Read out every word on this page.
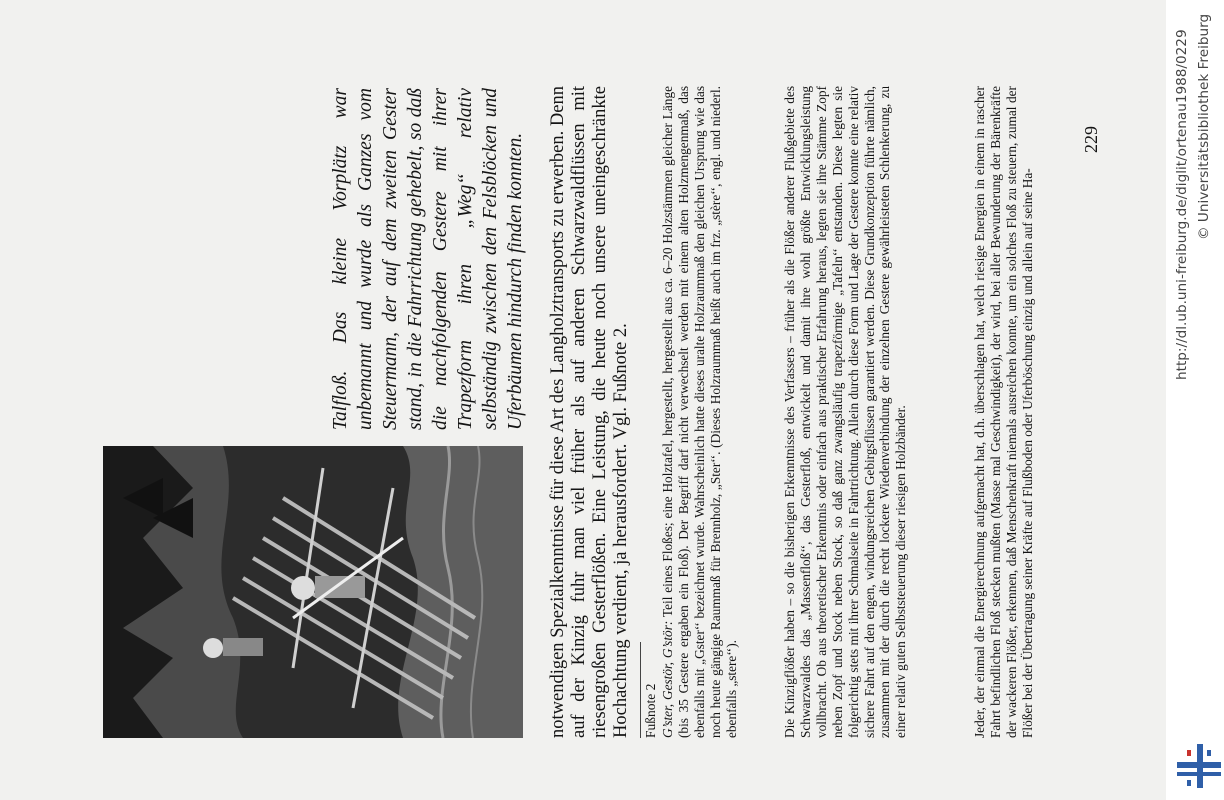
Talfloß. Das kleine Vorplätz war unbemannt und wurde als Ganzes vom Steuermann, der auf dem zweiten Gester stand, in die Fahrrichtung gehebelt, so daß die nachfolgenden Gestere mit ihrer Trapezform ihren „Weg‘‘ relativ selbständig zwischen den Felsblöcken und Uferbäumen hindurch finden konnten. notwendigen Spezialkenntnisse für diese Art des Langholztransports zu erwerben. Denn auf der Kinzig fuhr man viel früher als auf anderen Schwarzwaldflüssen mit riesengroßen Gesterflößen. Eine Leistung, die heute noch unsere uneingeschränkte Hochachtung verdient, ja herausfordert. Vgl. Fußnote 2. Fußnote 2 G’ster, Gestör, G’stör: Teil eines Floßes; eine Holztafel, hergestellt, hergestellt aus ca. 6–20 Holzstämmen gleicher Länge (bis 35 Gestere ergaben ein Floß). Der Begriff darf nicht verwechselt werden mit einem alten Holzmengenmaß, das ebenfalls mit „Gster‘‘ bezeichnet wurde. Wahrscheinlich hatte dieses uralte Holzraummaß den gleichen Ursprung wie das noch heute gängige Raummaß für Brennholz, „Ster‘‘. (Dieses Holzraummaß heißt auch im frz. „stère‘‘, engl. und niederl. ebenfalls „stere‘‘).	Die Kinzigflößer haben – so die bisherigen Erkenntnisse des Verfassers – früher als die Flößer anderer Flußgebiete des Schwarzwaldes das „Massenfloß‘‘, das Gesterfloß, entwickelt und damit ihre wohl größte Entwicklungsleistung vollbracht. Ob aus theoretischer Erkenntnis oder einfach aus praktischer Erfahrung heraus, legten sie ihre Stämme Zopf neben Zopf und Stock neben Stock, so daß ganz zwangsläufig trapezförmige „Tafeln‘‘ entstanden. Diese legten sie folgerichtig stets mit ihrer Schmalseite in Fahrtrichtung. Allein durch diese Form und Lage der Gestere konnte eine relativ sichere Fahrt auf den engen, windungsreichen Gebirgsflüssen garantiert werden. Diese Grundkonzeption führte nämlich, zusammen mit der durch die recht lockere Wiedenverbindung der einzelnen Gestere gewährleisteten Schlenkerung, zu einer relativ guten Selbststeuerung dieser riesigen Holzbänder.	Jeder, der einmal die Energierechnung aufgemacht hat, d.h. überschlagen hat, welch riesige Energien in einem in rascher Fahrt befindlichen Floß stecken mußten (Masse mal Geschwindigkeit), der wird, bei aller Bewunderung der Bärenkräfte der wackeren Flößer, erkennen, daß Menschenkraft niemals ausreichen konnte, um ein solches Floß zu steuern, zumal der Flößer bei der Übertragung seiner Kräfte auf Flußboden oder Uferböschung einzig und allein auf seine Ha-

229	http://dl.ub.uni-freiburg.de/diglit/ortenau1988/0229 © Universitätsbibliothek Freiburg
